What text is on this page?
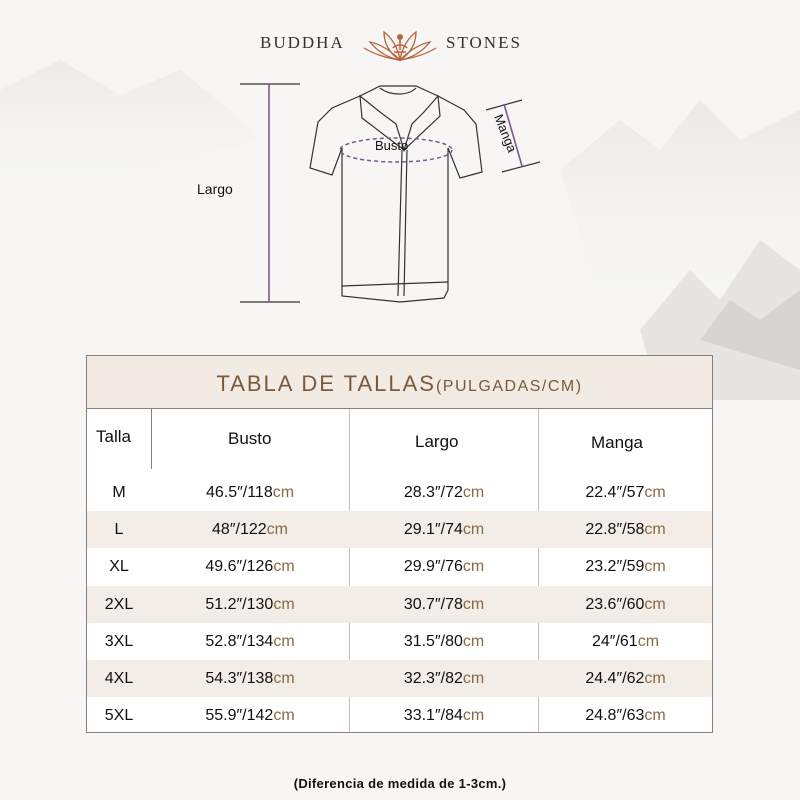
BUDDHA	STONES
Largo
Busto	Manga
TABLA DE TALLAS(PULGADAS/CM)
Talla	Busto	Largo	Manga
M	46.5″/118cm	28.3″/72cm	22.4″/57cm
L	48″/122cm	29.1″/74cm	22.8″/58cm
XL	49.6″/126cm	29.9″/76cm	23.2″/59cm
2XL	51.2″/130cm	30.7″/78cm	23.6″/60cm
3XL	52.8″/134cm	31.5″/80cm	24″/61cm
4XL	54.3″/138cm	32.3″/82cm	24.4″/62cm
5XL	55.9″/142cm	33.1″/84cm	24.8″/63cm
(Diferencia de medida de 1-3cm.)
